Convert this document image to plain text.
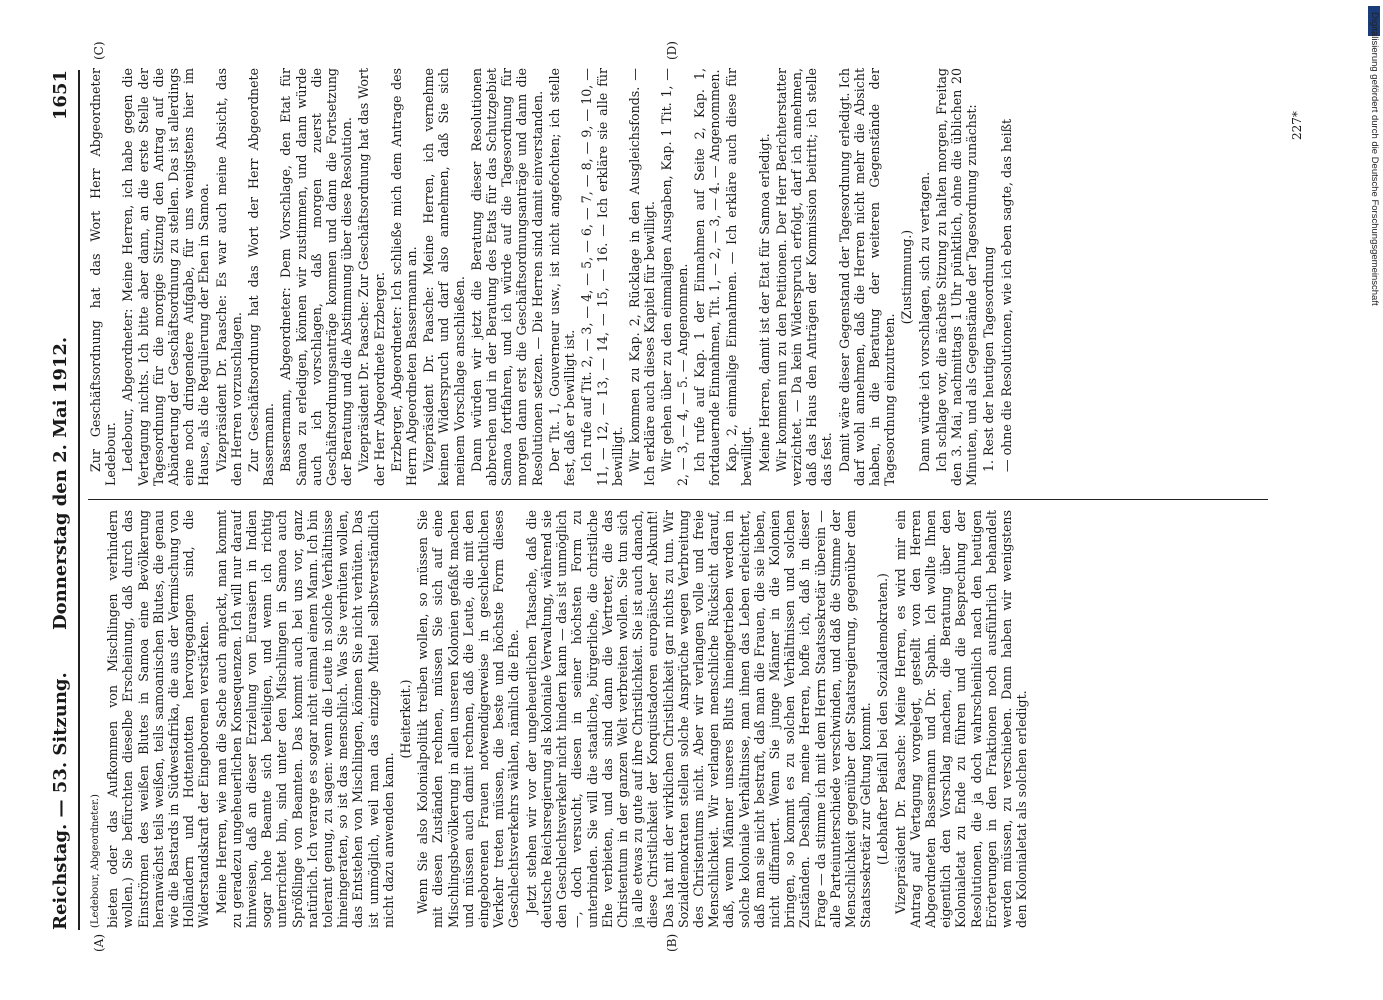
Reichstag. — 53. Sitzung.
Donnerstag den 2. Mai 1912.
1651
(A)	(B)
(C)	(D)

(Ledebour, Abgeordneter.) bieten oder das Aufkommen von Mischlingen verhindern wollen.) Sie befürchten dieselbe Erscheinung, daß durch das Einströmen des weißen Blutes in Samoa eine Bevölkerung heranwächst teils weißen, teils samoanischen Blutes, die genau wie die Bastards in Südwestafrika, die aus der Vermischung von Holländern und Hottentotten hervorgegangen sind, die Widerstandskraft der Eingeborenen verstärken. Meine Herren, wie man die Sache auch anpackt, man kommt zu geradezu ungeheuerlichen Konsequenzen. Ich will nur darauf hinweisen, daß an dieser Erzielung von Eurasiern in Indien sogar hohe Beamte sich beteiligen, und wenn ich richtig unterrichtet bin, sind unter den Mischlingen in Samoa auch Sprößlinge von Beamten. Das kommt auch bei uns vor, ganz natürlich. Ich verarge es sogar nicht einmal einem Mann. Ich bin tolerant genug, zu sagen: wenn die Leute in solche Verhältnisse hineingeraten, so ist das menschlich. Was Sie verhüten wollen, das Entstehen von Mischlingen, können Sie nicht verhüten. Das ist unmöglich, weil man das einzige Mittel selbstverständlich nicht dazu anwenden kann.

(Heiterkeit.) Wenn Sie also Kolonialpolitik treiben wollen, so müssen Sie mit diesen Zuständen rechnen, müssen Sie sich auf eine Mischlingsbevölkerung in allen unseren Kolonien gefaßt machen und müssen auch damit rechnen, daß die Leute, die mit den eingeborenen Frauen notwendigerweise in geschlechtlichen Verkehr treten müssen, die beste und höchste Form dieses Geschlechtsverkehrs wählen, nämlich die Ehe. Jetzt stehen wir vor der ungeheuerlichen Tatsache, daß die deutsche Reichsregierung als koloniale Verwaltung, während sie den Geschlechtsverkehr nicht hindern kann — das ist unmöglich —, doch versucht, diesen in seiner höchsten Form zu unterbinden. Sie will die staatliche, bürgerliche, die christliche Ehe verbieten, und das sind dann die Vertreter, die das Christentum in der ganzen Welt verbreiten wollen. Sie tun sich ja alle etwas zu gute auf ihre Christlichkeit. Sie ist auch danach, diese Christlichkeit der Konquistadoren europäischer Abkunft! Das hat mit der wirklichen Christlichkeit gar nichts zu tun. Wir Sozialdemokraten stellen solche Ansprüche wegen Verbreitung des Christentums nicht. Aber wir verlangen volle und freie Menschlichkeit. Wir verlangen menschliche Rücksicht darauf, daß, wenn Männer unseres Bluts hineingetrieben werden in solche koloniale Verhältnisse, man ihnen das Leben erleichtert, daß man sie nicht bestraft, daß man die Frauen, die sie lieben, nicht diffamiert. Wenn Sie junge Männer in die Kolonien bringen, so kommt es zu solchen Verhältnissen und solchen Zuständen. Deshalb, meine Herren, hoffe ich, daß in dieser Frage — da stimme ich mit dem Herrn Staatssekretär überein — alle Parteiunterschiede verschwinden, und daß die Stimme der Menschlichkeit gegenüber der Staatsregierung, gegenüber dem Staatssekretär zur Geltung kommt. (Lebhafter Beifall bei den Sozialdemokraten.) Vizepräsident Dr. Paasche: Meine Herren, es wird mir ein Antrag auf Vertagung vorgelegt, gestellt von den Herren Abgeordneten Bassermann und Dr. Spahn. Ich wollte Ihnen eigentlich den Vorschlag machen, die Beratung über den Kolonialetat zu Ende zu führen und die Besprechung der Resolutionen, die ja doch wahrscheinlich nach den heutigen Erörterungen in den Fraktionen noch ausführlich behandelt werden müssen, zu verschieben. Dann haben wir wenigstens den Kolonialetat als solchen erledigt.

Zur Geschäftsordnung hat das Wort Herr Abgeordneter Ledebour. Ledebour, Abgeordneter: Meine Herren, ich habe gegen die Vertagung nichts. Ich bitte aber dann, an die erste Stelle der Tagesordnung für die morgige Sitzung den Antrag auf die Abänderung der Geschäftsordnung zu stellen. Das ist allerdings eine noch dringendere Aufgabe, für uns wenigstens hier im Hause, als die Regulierung der Ehen in Samoa. Vizepräsident Dr. Paasche: Es war auch meine Absicht, das den Herren vorzuschlagen. Zur Geschäftsordnung hat das Wort der Herr Abgeordnete Bassermann. Bassermann, Abgeordneter: Dem Vorschlage, den Etat für Samoa zu erledigen, können wir zustimmen, und dann würde auch ich vorschlagen, daß morgen zuerst die Geschäftsordnungsanträge kommen und dann die Fortsetzung der Beratung und die Abstimmung über diese Resolution. Vizepräsident Dr. Paasche: Zur Geschäftsordnung hat das Wort der Herr Abgeordnete Erzberger. Erzberger, Abgeordneter: Ich schließe mich dem Antrage des Herrn Abgeordneten Bassermann an. Vizepräsident Dr. Paasche: Meine Herren, ich vernehme keinen Widerspruch und darf also annehmen, daß Sie sich meinem Vorschlage anschließen. Dann würden wir jetzt die Beratung dieser Resolutionen abbrechen und in der Beratung des Etats für das Schutzgebiet Samoa fortfahren, und ich würde auf die Tagesordnung für morgen dann erst die Geschäftsordnungsanträge und dann die Resolutionen setzen. — Die Herren sind damit einverstanden. Der Tit. 1, Gouverneur usw., ist nicht angefochten; ich stelle fest, daß er bewilligt ist. Ich rufe auf Tit. 2, — 3, — 4, — 5, — 6, — 7, — 8, — 9, — 10, — 11, — 12, — 13, — 14, — 15, — 16. — Ich erkläre sie alle für bewilligt. Wir kommen zu Kap. 2, Rücklage in den Ausgleichsfonds. — Ich erkläre auch dieses Kapitel für bewilligt. Wir gehen über zu den einmaligen Ausgaben, Kap. 1 Tit. 1, — 2, — 3, — 4, — 5. — Angenommen. Ich rufe auf Kap. 1 der Einnahmen auf Seite 2, Kap. 1, fortdauernde Einnahmen, Tit. 1, — 2, — 3, — 4. — Angenommen. Kap. 2, einmalige Einnahmen. — Ich erkläre auch diese für bewilligt. Meine Herren, damit ist der Etat für Samoa erledigt. Wir kommen nun zu den Petitionen. Der Herr Berichterstatter verzichtet. — Da kein Widerspruch erfolgt, darf ich annehmen, daß das Haus den Anträgen der Kommission beitritt; ich stelle das fest. Damit wäre dieser Gegenstand der Tagesordnung erledigt. Ich darf wohl annehmen, daß die Herren nicht mehr die Absicht haben, in die Beratung der weiteren Gegenstände der Tagesordnung einzutreten.

(Zustimmung.) Dann würde ich vorschlagen, sich zu vertagen. Ich schlage vor, die nächste Sitzung zu halten morgen, Freitag den 3. Mai, nachmittags 1 Uhr pünktlich, ohne die üblichen 20 Minuten, und als Gegenstände der Tagesordnung zunächst: 1. Rest der heutigen Tagesordnung — ohne die Resolutionen, wie ich eben sagte, das heißt	227*	Digitalisierung gefördert durch die Deutsche Forschungsgemeinschaft
